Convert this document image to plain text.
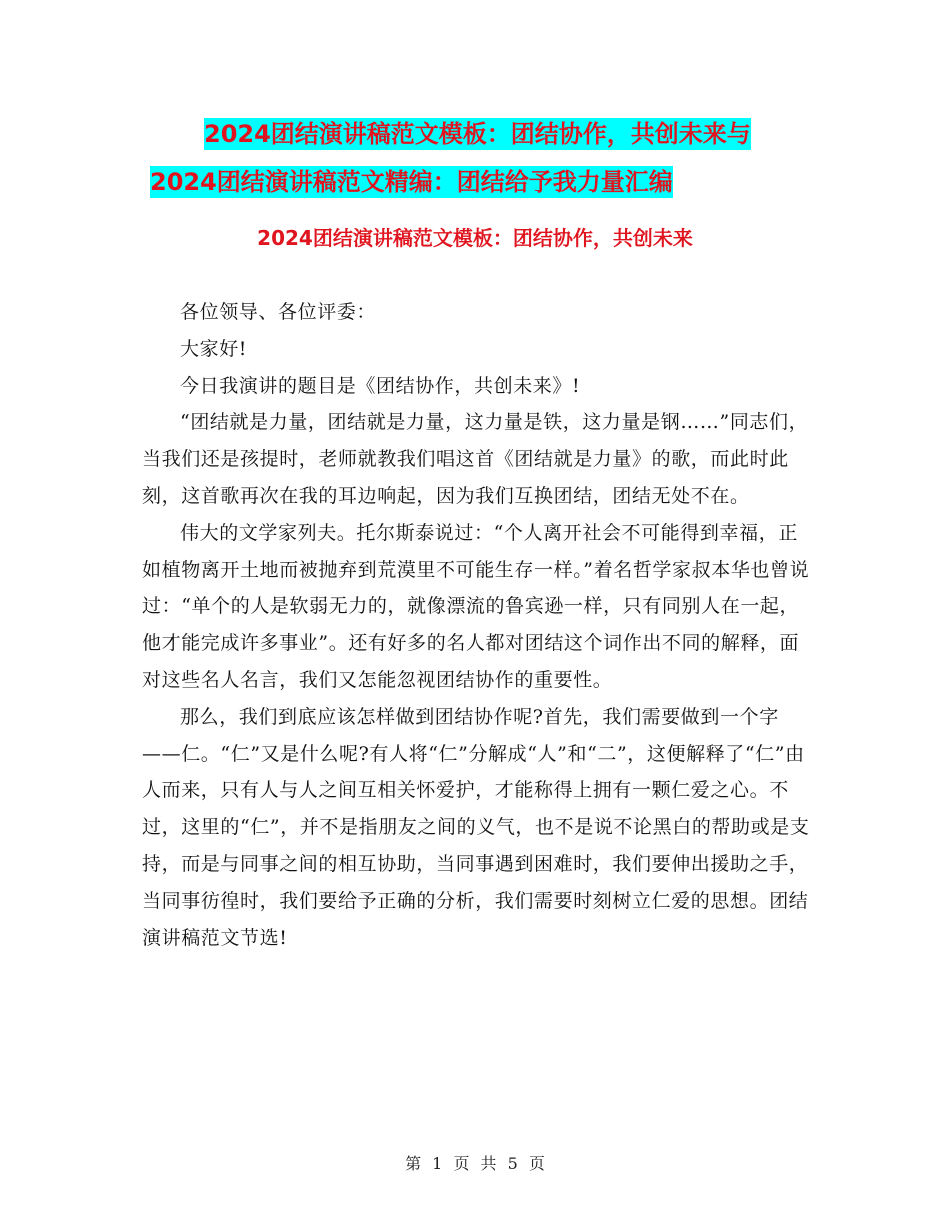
2024团结演讲稿范文模板：团结协作，共创未来与
2024团结演讲稿范文精编：团结给予我力量汇编
2024团结演讲稿范文模板：团结协作，共创未来

各位领导、各位评委：

大家好!

今日我演讲的题目是《团结协作，共创未来》!

“团结就是力量，团结就是力量，这力量是铁，这力量是钢……”同志们，当我们还是孩提时，老师就教我们唱这首《团结就是力量》的歌，而此时此刻，这首歌再次在我的耳边响起，因为我们互换团结，团结无处不在。

伟大的文学家列夫。托尔斯泰说过：“个人离开社会不可能得到幸福，正如植物离开土地而被抛弃到荒漠里不可能生存一样。”着名哲学家叔本华也曾说过：“单个的人是软弱无力的，就像漂流的鲁宾逊一样，只有同别人在一起，他才能完成许多事业”。还有好多的名人都对团结这个词作出不同的解释，面对这些名人名言，我们又怎能忽视团结协作的重要性。

那么，我们到底应该怎样做到团结协作呢?首先，我们需要做到一个字——仁。“仁”又是什么呢?有人将“仁”分解成“人”和“二”，这便解释了“仁”由人而来，只有人与人之间互相关怀爱护，才能称得上拥有一颗仁爱之心。不过，这里的“仁”，并不是指朋友之间的义气，也不是说不论黑白的帮助或是支持，而是与同事之间的相互协助，当同事遇到困难时，我们要伸出援助之手，当同事彷徨时，我们要给予正确的分析，我们需要时刻树立仁爱的思想。团结演讲稿范文节选!

第 1 页 共 5 页
